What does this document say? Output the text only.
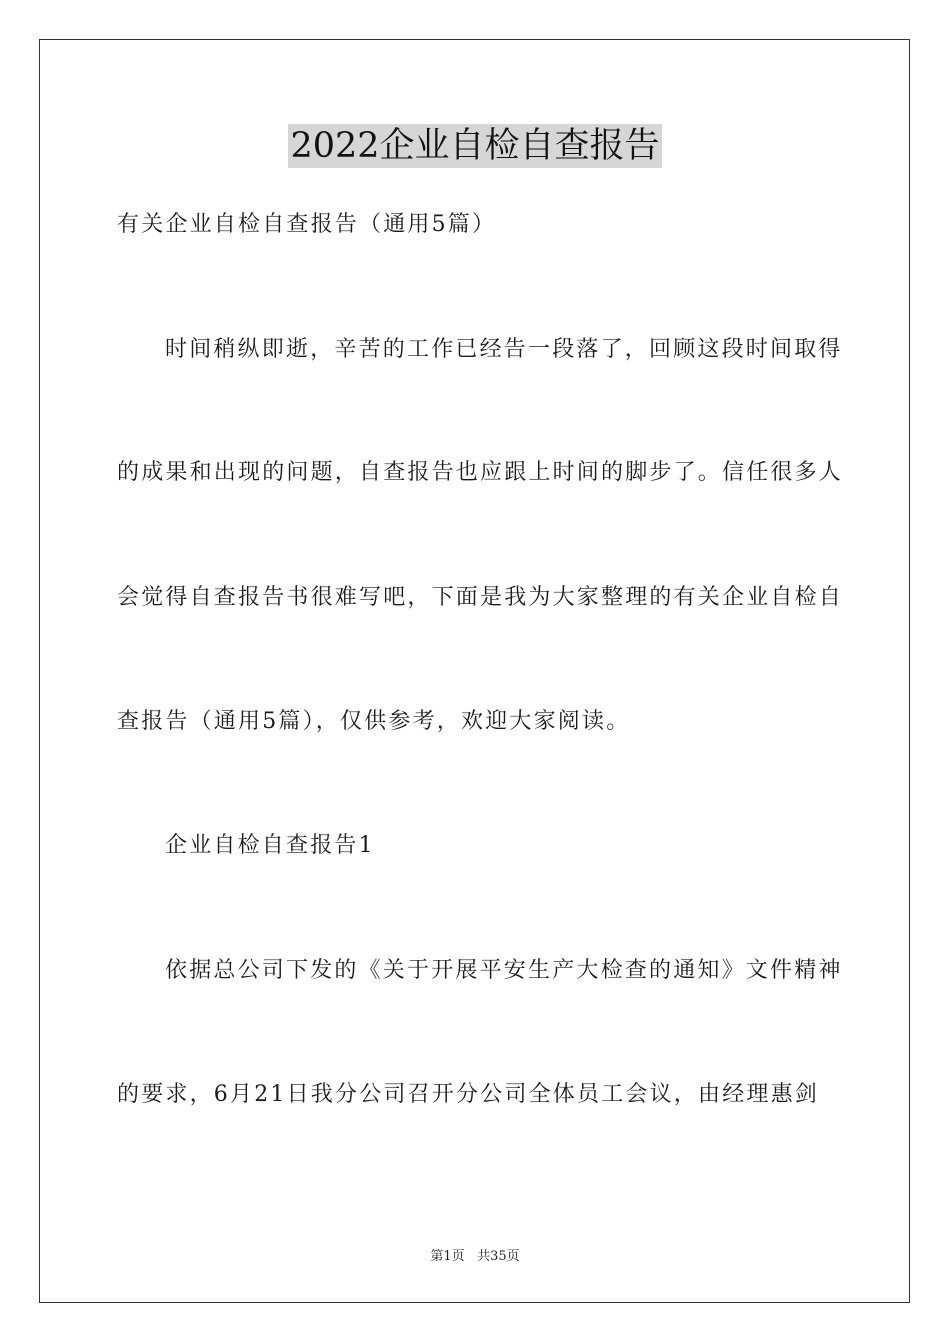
2022企业自检自查报告
有关企业自检自查报告（通用5篇）
时间稍纵即逝，辛苦的工作已经告一段落了，回顾这段时间取得
的成果和出现的问题，自查报告也应跟上时间的脚步了。信任很多人
会觉得自查报告书很难写吧，下面是我为大家整理的有关企业自检自
查报告（通用5篇），仅供参考，欢迎大家阅读。
企业自检自查报告1
依据总公司下发的《关于开展平安生产大检查的通知》文件精神
的要求，6月21日我分公司召开分公司全体员工会议，由经理惠剑
第1页 共35页
